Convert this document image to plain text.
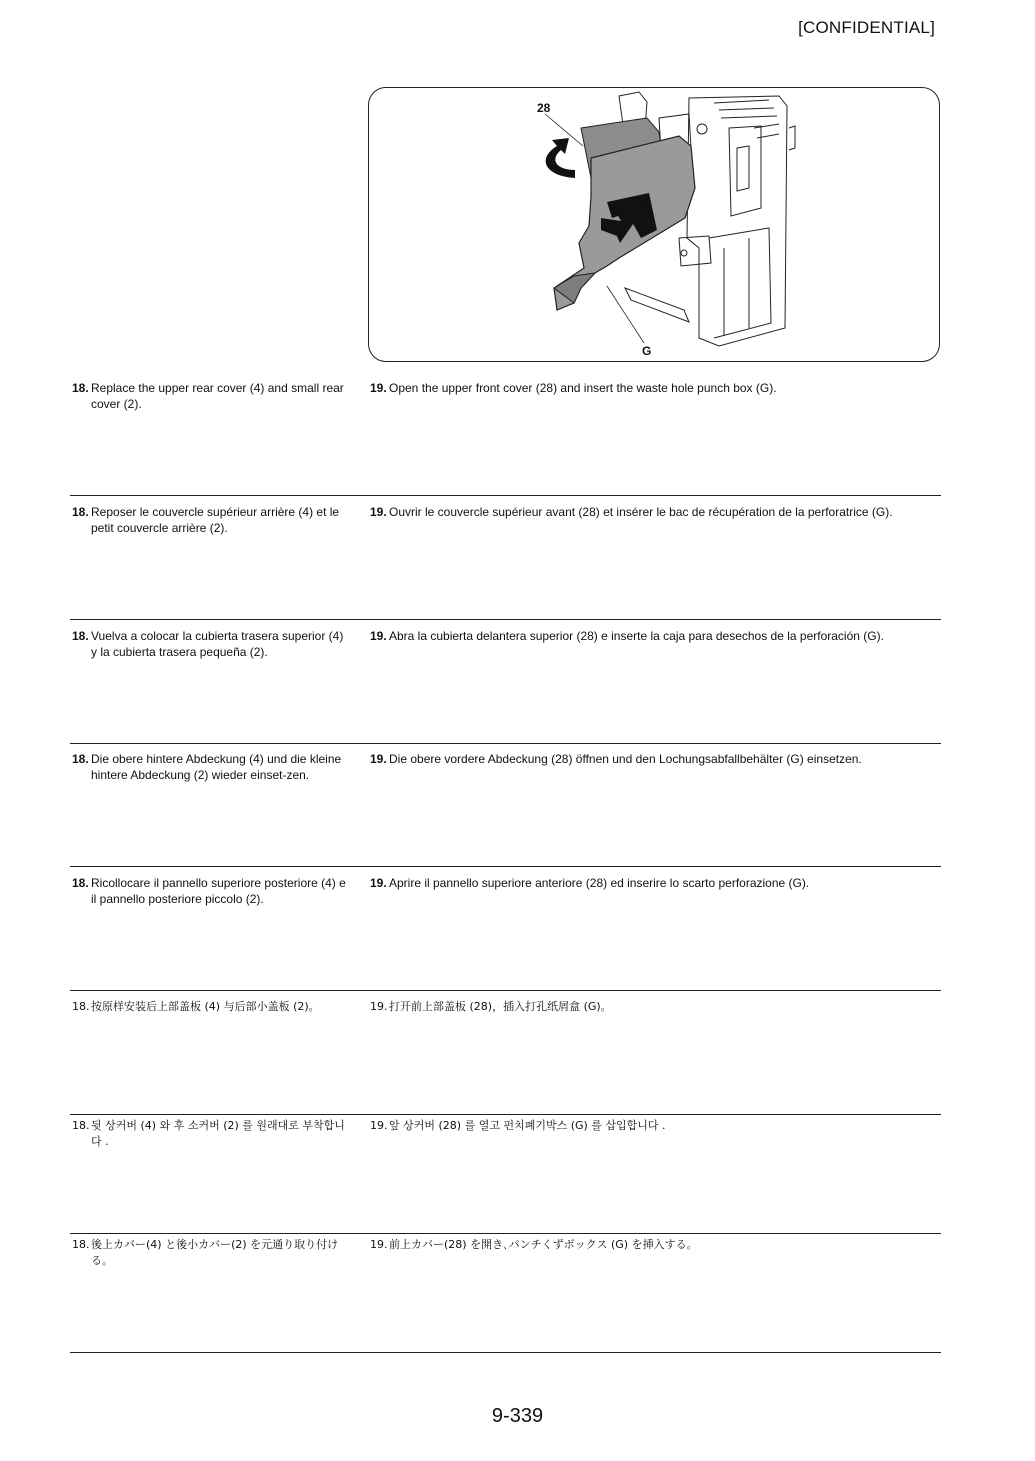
[CONFIDENTIAL]
28
G
18. Replace the upper rear cover (4) and small rear cover (2).
19. Open the upper front cover (28) and insert the waste hole punch box (G).
18. Reposer le couvercle supérieur arrière (4) et le petit couvercle arrière (2).
19. Ouvrir le couvercle supérieur avant (28) et insérer le bac de récupération de la perforatrice (G).
18. Vuelva a colocar la cubierta trasera superior (4) y la cubierta trasera pequeña (2).
19. Abra la cubierta delantera superior (28) e inserte la caja para desechos de la perforación (G).
18. Die obere hintere Abdeckung (4) und die kleine hintere Abdeckung (2) wieder einset-zen.
19. Die obere vordere Abdeckung (28) öffnen und den Lochungsabfallbehälter (G) einsetzen.
18. Ricollocare il pannello superiore posteriore (4) e il pannello posteriore piccolo (2).
19. Aprire il pannello superiore anteriore (28) ed inserire lo scarto perforazione (G).
18. 按原样安装后上部盖板 (4) 与后部小盖板 (2)。	19. 打开前上部盖板 (28)，插入打孔纸屑盒 (G)。
18. 뒷 상커버 (4) 와 후 소커버 (2) 를 원래대로 부착합니다 .
19. 앞 상커버 (28) 를 열고 펀치폐기박스 (G) 를 삽입합니다 .
18. 後上カバー(4) と後小カバー(2) を元通り取り付ける。
19. 前上カバー(28) を開き､パンチくずボックス (G) を挿入する。
9-339
